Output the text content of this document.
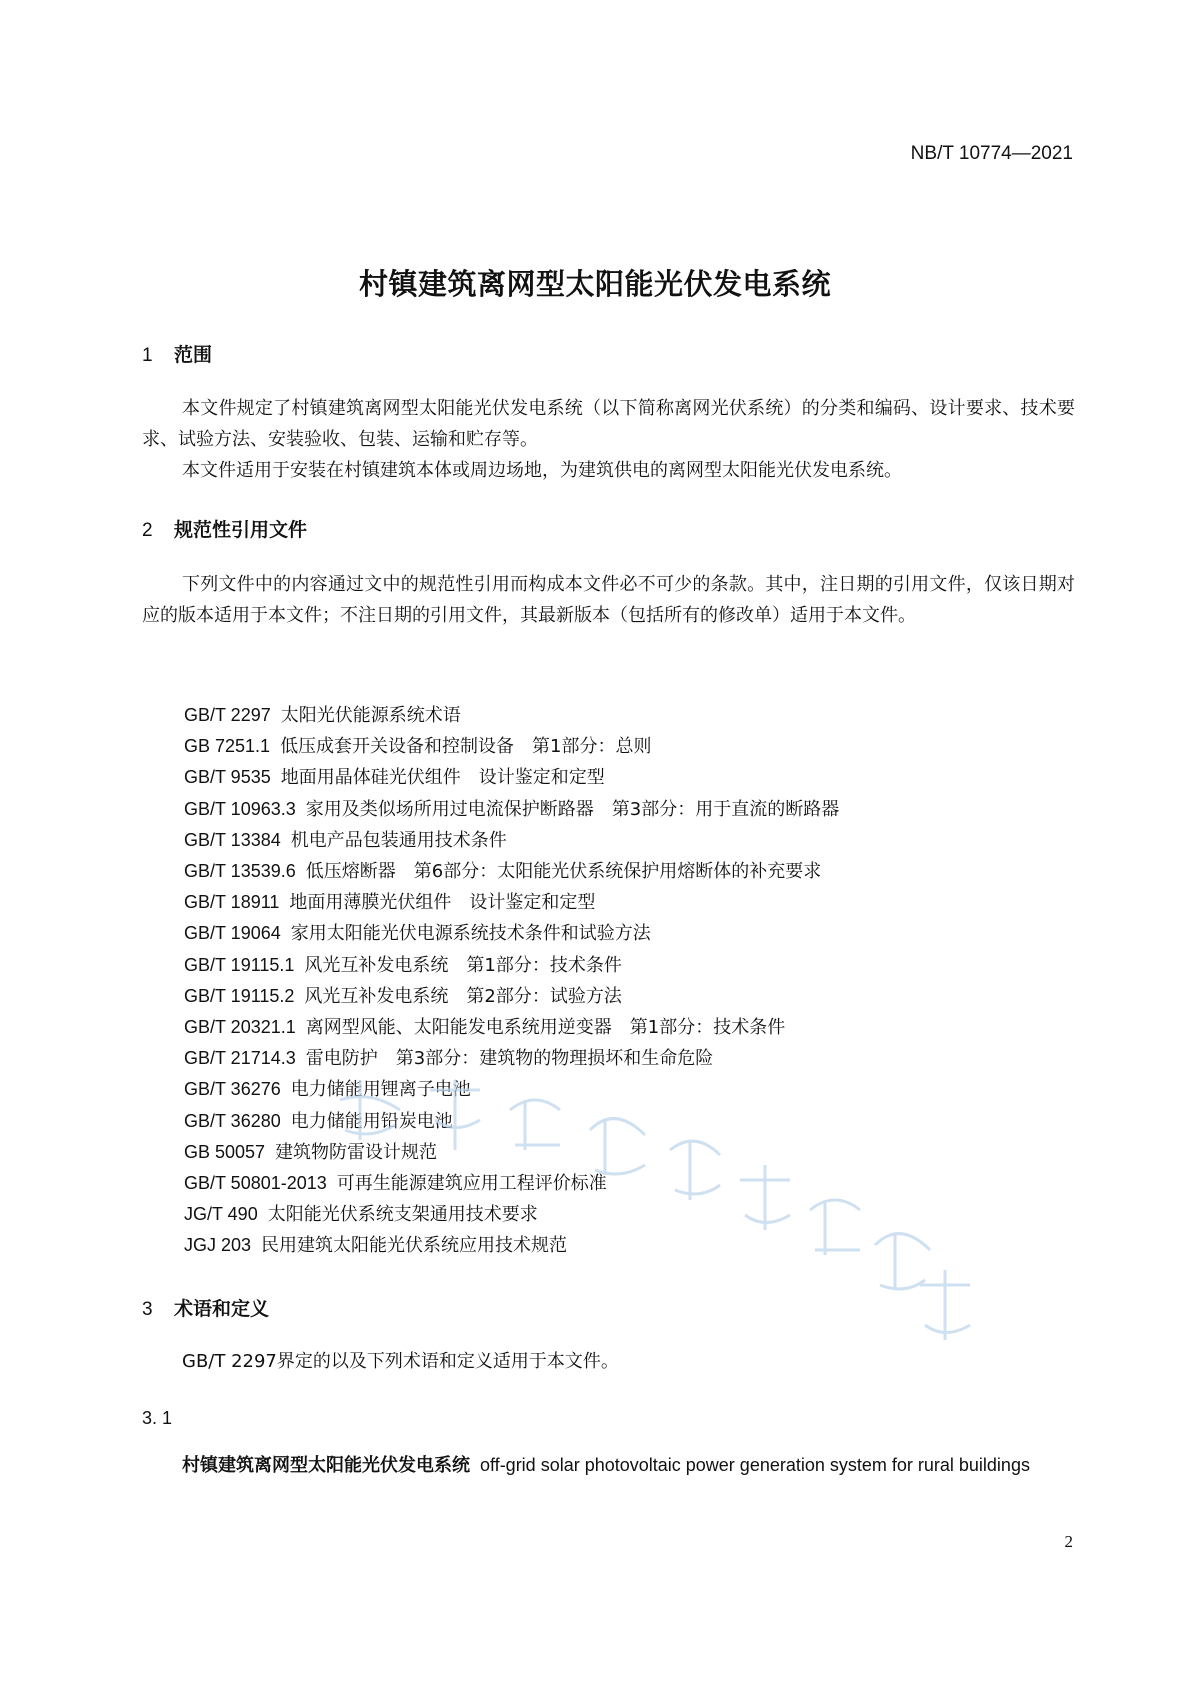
NB/T 10774—2021
村镇建筑离网型太阳能光伏发电系统
1 范围
本文件规定了村镇建筑离网型太阳能光伏发电系统（以下简称离网光伏系统）的分类和编码、设计要求、技术要求、试验方法、安装验收、包装、运输和贮存等。
本文件适用于安装在村镇建筑本体或周边场地，为建筑供电的离网型太阳能光伏发电系统。
2 规范性引用文件
下列文件中的内容通过文中的规范性引用而构成本文件必不可少的条款。其中，注日期的引用文件，仅该日期对应的版本适用于本文件；不注日期的引用文件，其最新版本（包括所有的修改单）适用于本文件。
GB/T 2297 太阳光伏能源系统术语
GB 7251.1 低压成套开关设备和控制设备　第1部分：总则
GB/T 9535 地面用晶体硅光伏组件　设计鉴定和定型
GB/T 10963.3 家用及类似场所用过电流保护断路器　第3部分：用于直流的断路器
GB/T 13384 机电产品包装通用技术条件
GB/T 13539.6 低压熔断器　第6部分：太阳能光伏系统保护用熔断体的补充要求
GB/T 18911 地面用薄膜光伏组件　设计鉴定和定型
GB/T 19064 家用太阳能光伏电源系统技术条件和试验方法
GB/T 19115.1 风光互补发电系统　第1部分：技术条件
GB/T 19115.2 风光互补发电系统　第2部分：试验方法
GB/T 20321.1 离网型风能、太阳能发电系统用逆变器　第1部分：技术条件
GB/T 21714.3 雷电防护　第3部分：建筑物的物理损坏和生命危险
GB/T 36276 电力储能用锂离子电池
GB/T 36280 电力储能用铅炭电池
GB 50057 建筑物防雷设计规范
GB/T 50801-2013 可再生能源建筑应用工程评价标准
JG/T 490 太阳能光伏系统支架通用技术要求
JGJ 203 民用建筑太阳能光伏系统应用技术规范
3 术语和定义
GB/T 2297界定的以及下列术语和定义适用于本文件。
3. 1
村镇建筑离网型太阳能光伏发电系统 off-grid solar photovoltaic power generation system for rural buildings
2
